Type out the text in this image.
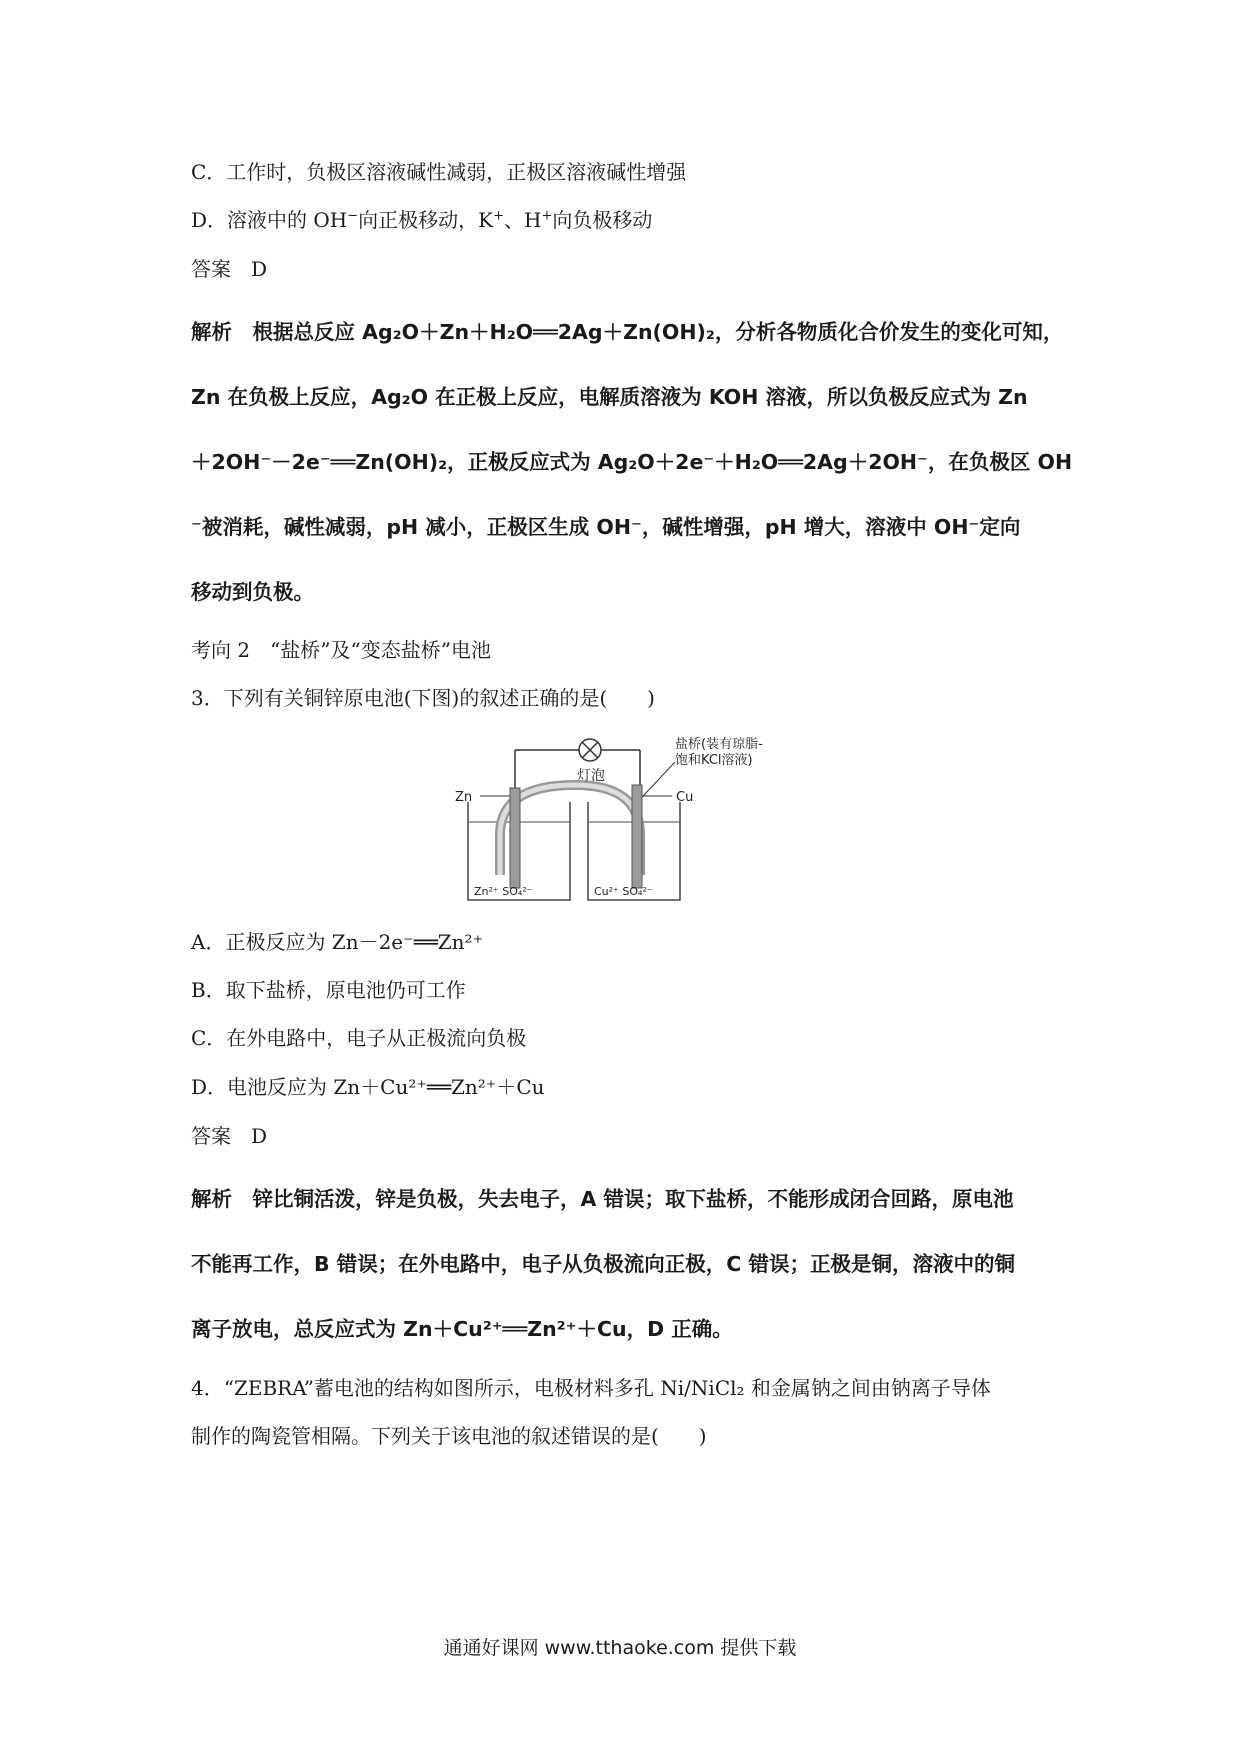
C．工作时，负极区溶液碱性减弱，正极区溶液碱性增强
D．溶液中的 OH−向正极移动，K+、H+向负极移动
答案　D
解析　 根据总反应 Ag₂O＋Zn＋H₂O══2Ag＋Zn(OH)₂，分析各物质化合价发生的变化可知，
Zn 在负极上反应，Ag₂O 在正极上反应，电解质溶液为 KOH 溶液，所以负极反应式为 Zn
＋2OH⁻－2e⁻══Zn(OH)₂，正极反应式为 Ag₂O＋2e⁻＋H₂O══2Ag＋2OH⁻，在负极区 OH
⁻被消耗，碱性减弱，pH 减小，正极区生成 OH⁻，碱性增强，pH 增大，溶液中 OH⁻定向
移动到负极。
考向 2　“盐桥”及“变态盐桥”电池
3．下列有关铜锌原电池(下图)的叙述正确的是(　　)
灯泡
盐桥(装有琼脂-
饱和KCl溶液)
Zn	Cu
Zn²⁺ SO₄²⁻	Cu²⁺ SO₄²⁻
A．正极反应为 Zn－2e⁻══Zn²⁺
B．取下盐桥，原电池仍可工作
C．在外电路中，电子从正极流向负极
D．电池反应为 Zn＋Cu²⁺══Zn²⁺＋Cu
答案　D
解析　 锌比铜活泼，锌是负极，失去电子，A 错误；取下盐桥，不能形成闭合回路，原电池
不能再工作，B 错误；在外电路中，电子从负极流向正极，C 错误；正极是铜，溶液中的铜
离子放电，总反应式为 Zn＋Cu²⁺══Zn²⁺＋Cu，D 正确。
4．“ZEBRA”蓄电池的结构如图所示，电极材料多孔 Ni/NiCl₂ 和金属钠之间由钠离子导体
制作的陶瓷管相隔。下列关于该电池的叙述错误的是(　　)
通通好课网 www.tthaoke.com 提供下载
